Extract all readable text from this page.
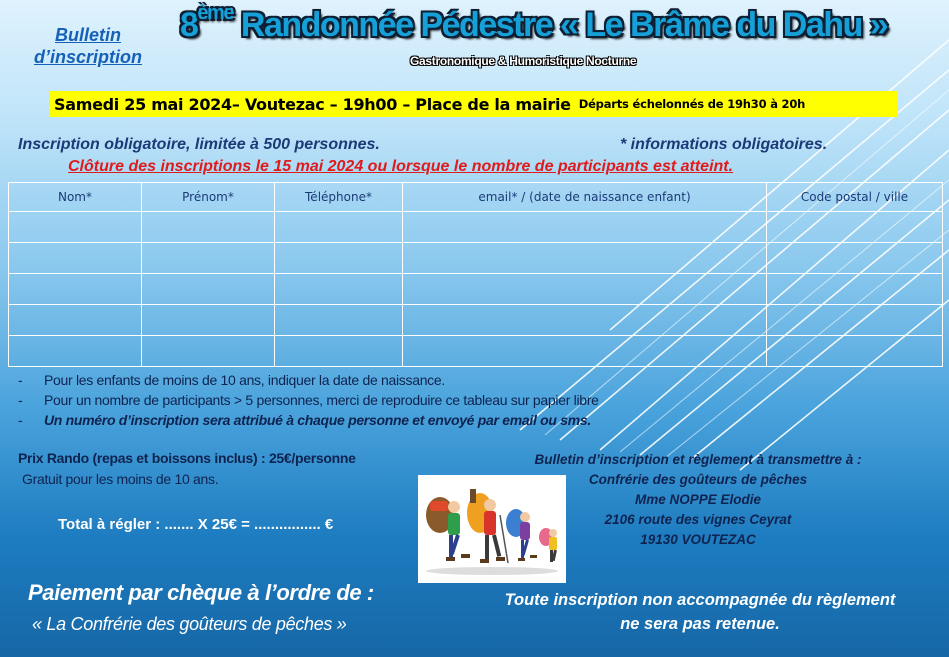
Bulletin
d’inscription
8ème Randonnée Pédestre « Le Brâme du Dahu »
Gastronomique & Humoristique Nocturne
Samedi 25 mai 2024– Voutezac – 19h00 – Place de la mairie Départs échelonnés de 19h30 à 20h
Inscription obligatoire, limitée à 500 personnes.	* informations obligatoires.
Clôture des inscriptions le 15 mai 2024 ou lorsque le nombre de participants est atteint.
Nom*	Prénom*	Téléphone*	email* / (date de naissance enfant)	Code postal / ville

- Pour les enfants de moins de 10 ans, indiquer la date de naissance.
- Pour un nombre de participants > 5 personnes, merci de reproduire ce tableau sur papier libre
- Un numéro d’inscription sera attribué à chaque personne et envoyé par email ou sms.
Prix Rando (repas et boissons inclus) : 25€/personne
Gratuit pour les moins de 10 ans.
Total à régler : ....... X 25€ = ................ €
Bulletin d’inscription et règlement à transmettre à :
Confrérie des goûteurs de pêches
Mme NOPPE Elodie
2106 route des vignes Ceyrat
19130 VOUTEZAC
Paiement par chèque à l’ordre de :
« La Confrérie des goûteurs de pêches »
Toute inscription non accompagnée du règlement
ne sera pas retenue.
